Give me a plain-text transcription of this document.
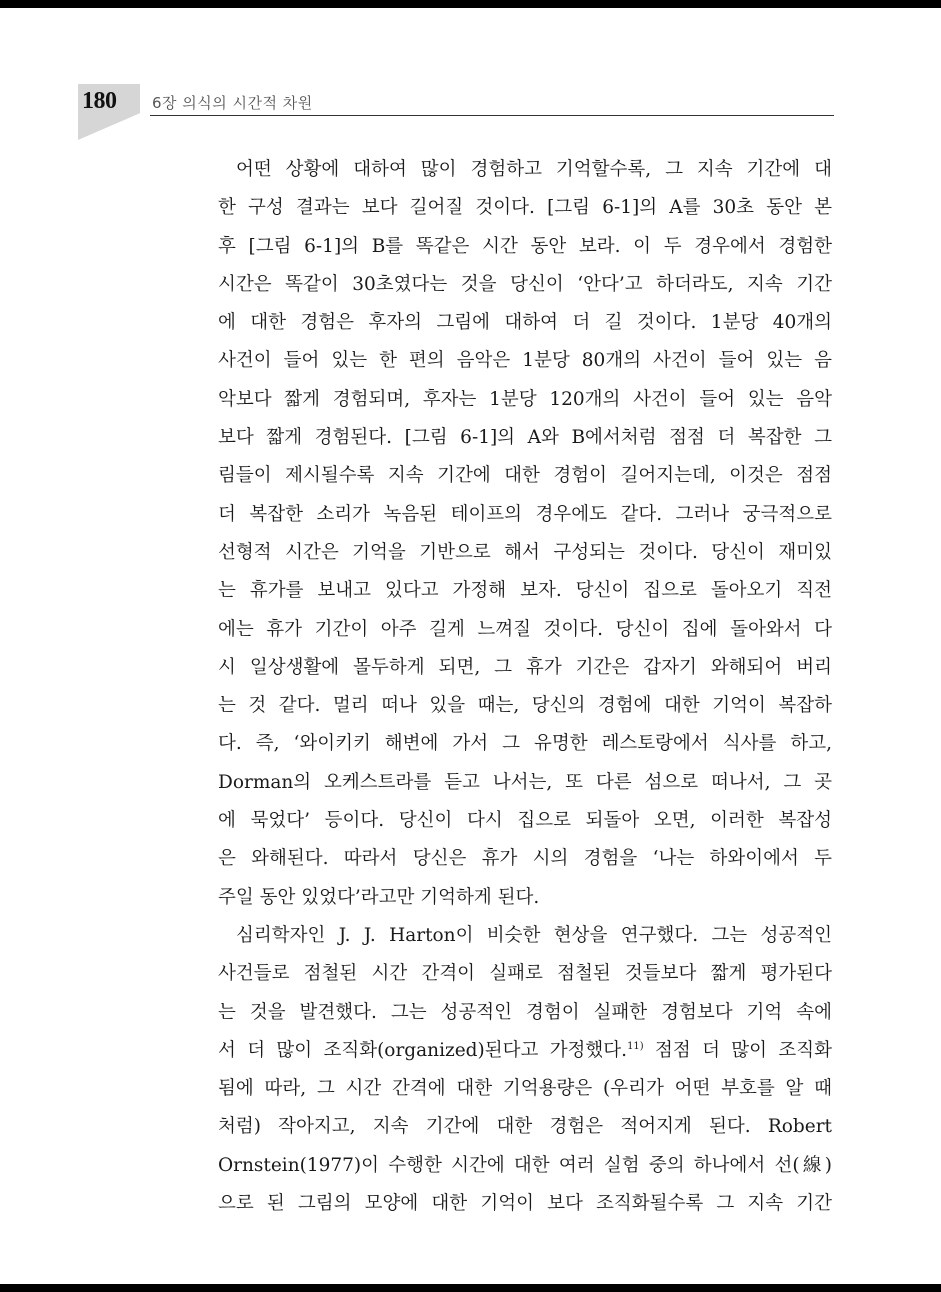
180 6장 의식의 시간적 차원
어떤 상황에 대하여 많이 경험하고 기억할수록, 그 지속 기간에 대
한 구성 결과는 보다 길어질 것이다. [그림 6-1]의 A를 30초 동안 본
후 [그림 6-1]의 B를 똑같은 시간 동안 보라. 이 두 경우에서 경험한
시간은 똑같이 30초였다는 것을 당신이 ‘안다’고 하더라도, 지속 기간
에 대한 경험은 후자의 그림에 대하여 더 길 것이다. 1분당 40개의
사건이 들어 있는 한 편의 음악은 1분당 80개의 사건이 들어 있는 음
악보다 짧게 경험되며, 후자는 1분당 120개의 사건이 들어 있는 음악
보다 짧게 경험된다. [그림 6-1]의 A와 B에서처럼 점점 더 복잡한 그
림들이 제시될수록 지속 기간에 대한 경험이 길어지는데, 이것은 점점
더 복잡한 소리가 녹음된 테이프의 경우에도 같다. 그러나 궁극적으로
선형적 시간은 기억을 기반으로 해서 구성되는 것이다. 당신이 재미있
는 휴가를 보내고 있다고 가정해 보자. 당신이 집으로 돌아오기 직전
에는 휴가 기간이 아주 길게 느껴질 것이다. 당신이 집에 돌아와서 다
시 일상생활에 몰두하게 되면, 그 휴가 기간은 갑자기 와해되어 버리
는 것 같다. 멀리 떠나 있을 때는, 당신의 경험에 대한 기억이 복잡하
다. 즉, ‘와이키키 해변에 가서 그 유명한 레스토랑에서 식사를 하고,
Dorman의 오케스트라를 듣고 나서는, 또 다른 섬으로 떠나서, 그 곳
에 묵었다’ 등이다. 당신이 다시 집으로 되돌아 오면, 이러한 복잡성
은 와해된다. 따라서 당신은 휴가 시의 경험을 ‘나는 하와이에서 두
주일 동안 있었다’라고만 기억하게 된다.
심리학자인 J. J. Harton이 비슷한 현상을 연구했다. 그는 성공적인
사건들로 점철된 시간 간격이 실패로 점철된 것들보다 짧게 평가된다
는 것을 발견했다. 그는 성공적인 경험이 실패한 경험보다 기억 속에
서 더 많이 조직화(organized)된다고 가정했다.$^{11)}$ 점점 더 많이 조직화
됨에 따라, 그 시간 간격에 대한 기억용량은 (우리가 어떤 부호를 알 때
처럼) 작아지고, 지속 기간에 대한 경험은 적어지게 된다. Robert
Ornstein(1977)이 수행한 시간에 대한 여러 실험 중의 하나에서 선(線)
으로 된 그림의 모양에 대한 기억이 보다 조직화될수록 그 지속 기간
